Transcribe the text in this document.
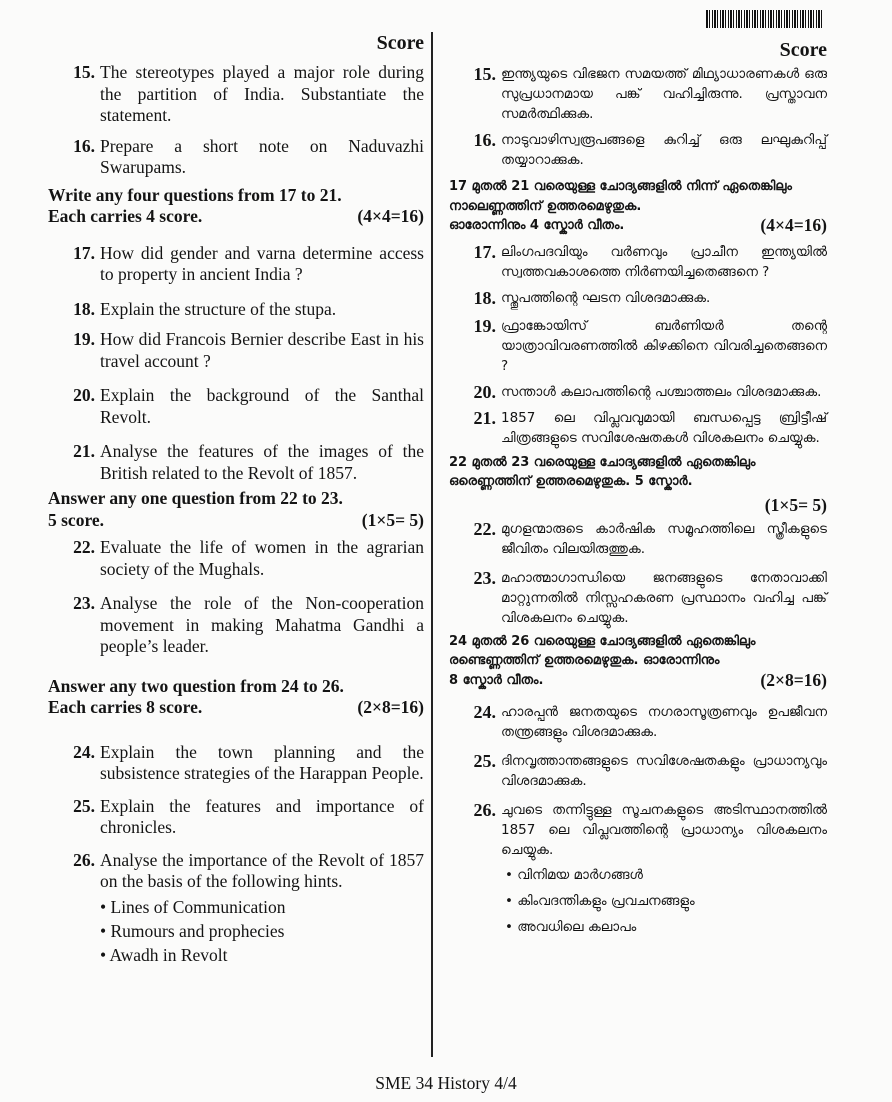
Score
15. The stereotypes played a major role during the partition of India. Substantiate the statement.
16. Prepare a short note on Naduvazhi Swarupams.
Write any four questions from 17 to 21.
Each carries 4 score.	(4×4=16)
17. How did gender and varna determine access to property in ancient India ?
18. Explain the structure of the stupa.
19. How did Francois Bernier describe East in his travel account ?
20. Explain the background of the Santhal Revolt.
21. Analyse the features of the images of the British related to the Revolt of 1857.
Answer any one question from 22 to 23.
5 score.	(1×5= 5)
22. Evaluate the life of women in the agrarian society of the Mughals.
23. Analyse the role of the Non-cooperation movement in making Mahatma Gandhi a people’s leader.
Answer any two question from 24 to 26.
Each carries 8 score.	(2×8=16)
24. Explain the town planning and the subsistence strategies of the Harappan People.
25. Explain the features and importance of chronicles.
26. Analyse the importance of the Revolt of 1857 on the basis of the following hints.
• Lines of Communication
• Rumours and prophecies
• Awadh in Revolt
Score
15. ഇന്ത്യയുടെ വിഭജന സമയത്ത് മിഥ്യാധാരണകൾ ഒരു സുപ്രധാനമായ പങ്ക് വഹിച്ചിരുന്നു. പ്രസ്താവന സമർത്ഥിക്കുക.
16. നാടുവാഴിസ്വരൂപങ്ങളെ കുറിച്ച് ഒരു ലഘുകുറിപ്പ് തയ്യാറാക്കുക.
17 മുതൽ 21 വരെയുള്ള ചോദ്യങ്ങളിൽ നിന്ന് ഏതെങ്കിലും നാലെണ്ണത്തിന് ഉത്തരമെഴുതുക.
ഓരോന്നിനും 4 സ്കോർ വീതം.	(4×4=16)
17. ലിംഗപദവിയും വർണവും പ്രാചീന ഇന്ത്യയിൽ സ്വത്തവകാശത്തെ നിർണയിച്ചതെങ്ങനെ ?
18. സ്തൂപത്തിന്റെ ഘടന വിശദമാക്കുക.
19. ഫ്രാങ്കോയിസ് ബർണിയർ തന്റെ യാത്രാവിവരണത്തിൽ കിഴക്കിനെ വിവരിച്ചതെങ്ങനെ ?
20. സന്താൾ കലാപത്തിന്റെ പശ്ചാത്തലം വിശദമാക്കുക.
21. 1857 ലെ വിപ്ലവവുമായി ബന്ധപ്പെട്ട ബ്രിട്ടീഷ് ചിത്രങ്ങളുടെ സവിശേഷതകൾ വിശകലനം ചെയ്യുക.
22 മുതൽ 23 വരെയുള്ള ചോദ്യങ്ങളിൽ ഏതെങ്കിലും ഒരെണ്ണത്തിന് ഉത്തരമെഴുതുക. 5 സ്കോർ.
(1×5= 5)
22. മുഗളന്മാരുടെ കാർഷിക സമൂഹത്തിലെ സ്ത്രീകളുടെ ജീവിതം വിലയിരുത്തുക.
23. മഹാത്മാഗാന്ധിയെ ജനങ്ങളുടെ നേതാവാക്കി മാറ്റുന്നതിൽ നിസ്സഹകരണ പ്രസ്ഥാനം വഹിച്ച പങ്ക് വിശകലനം ചെയ്യുക.
24 മുതൽ 26 വരെയുള്ള ചോദ്യങ്ങളിൽ ഏതെങ്കിലും രണ്ടെണ്ണത്തിന് ഉത്തരമെഴുതുക. ഓരോന്നിനും
8 സ്കോർ വീതം.	(2×8=16)
24. ഹാരപ്പൻ ജനതയുടെ നഗരാസൂത്രണവും ഉപജീവന തന്ത്രങ്ങളും വിശദമാക്കുക.
25. ദിനവൃത്താന്തങ്ങളുടെ സവിശേഷതകളും പ്രാധാന്യവും വിശദമാക്കുക.
26. ചുവടെ തന്നിട്ടുള്ള സൂചനകളുടെ അടിസ്ഥാനത്തിൽ 1857 ലെ വിപ്ലവത്തിന്റെ പ്രാധാന്യം വിശകലനം ചെയ്യുക.
• വിനിമയ മാർഗങ്ങൾ
• കിംവദന്തികളും പ്രവചനങ്ങളും
• അവധിലെ കലാപം
SME 34 History 4/4
